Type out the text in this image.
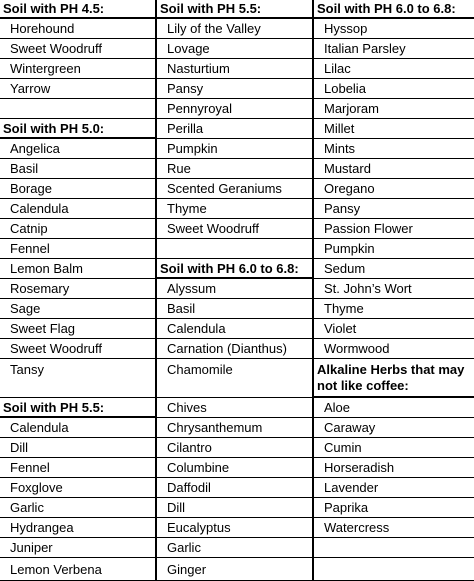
Soil with PH 4.5:
Horehound
Sweet Woodruff
Wintergreen
Yarrow
Soil with PH 5.0:
Angelica
Basil
Borage
Calendula
Catnip
Fennel
Lemon Balm
Rosemary
Sage
Sweet Flag
Sweet Woodruff
Tansy
Soil with PH 5.5:
Calendula
Dill
Fennel
Foxglove
Garlic
Hydrangea
Juniper
Lemon Verbena
Soil with PH 5.5:
Lily of the Valley
Lovage
Nasturtium
Pansy
Pennyroyal
Perilla
Pumpkin
Rue
Scented Geraniums
Thyme
Sweet Woodruff
Soil with PH 6.0 to 6.8:
Alyssum
Basil
Calendula
Carnation (Dianthus)
Chamomile
Chives
Chrysanthemum
Cilantro
Columbine
Daffodil
Dill
Eucalyptus
Garlic
Ginger
Soil with PH 6.0 to 6.8:
Hyssop
Italian Parsley
Lilac
Lobelia
Marjoram
Millet
Mints
Mustard
Oregano
Pansy
Passion Flower
Pumpkin
Sedum
St. John’s Wort
Thyme
Violet
Wormwood
Alkaline Herbs that may not like coffee:
Aloe
Caraway
Cumin
Horseradish
Lavender
Paprika
Watercress
